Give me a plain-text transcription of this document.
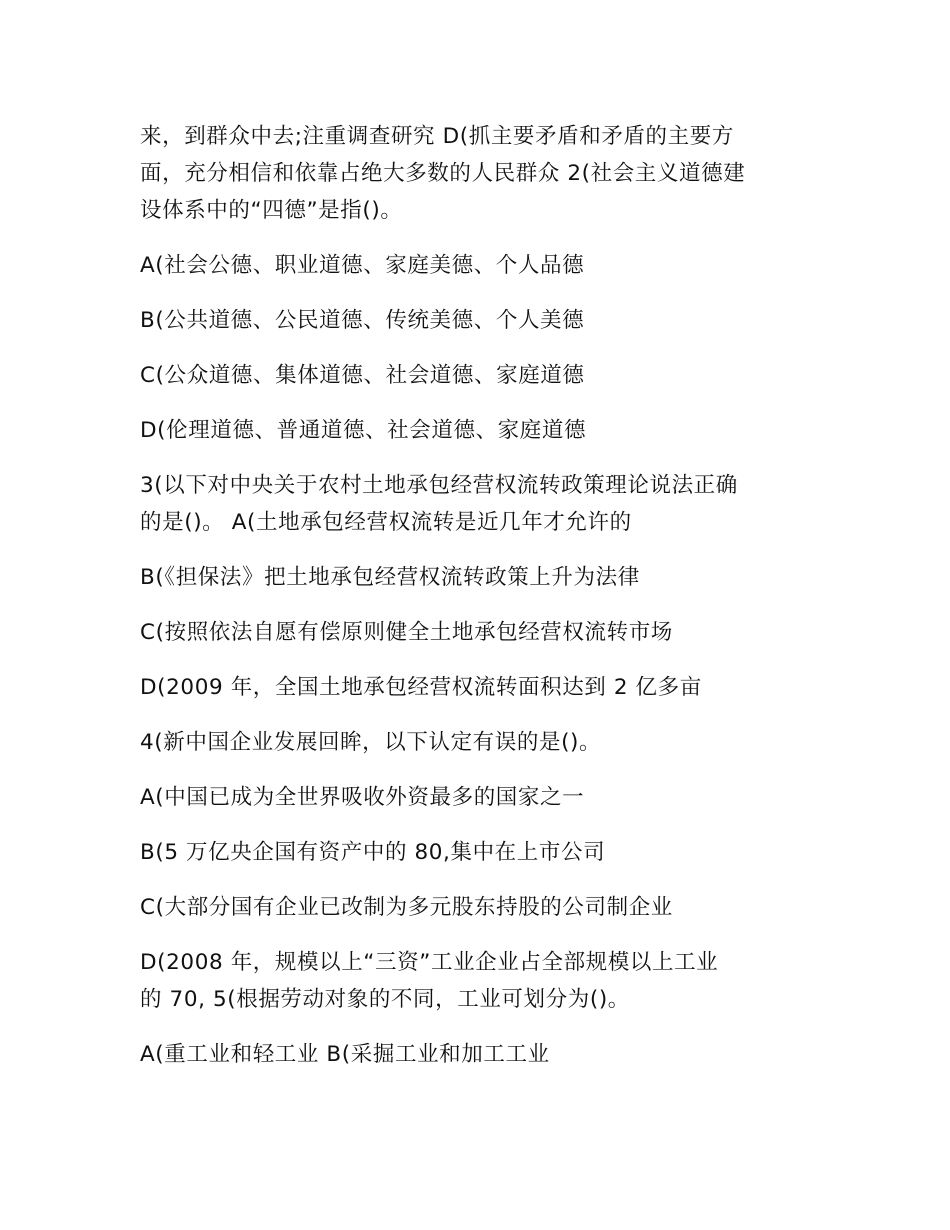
来，到群众中去;注重调查研究 D(抓主要矛盾和矛盾的主要方
面，充分相信和依靠占绝大多数的人民群众 2(社会主义道德建
设体系中的“四德”是指()。

A(社会公德、职业道德、家庭美德、个人品德

B(公共道德、公民道德、传统美德、个人美德

C(公众道德、集体道德、社会道德、家庭道德

D(伦理道德、普通道德、社会道德、家庭道德

3(以下对中央关于农村土地承包经营权流转政策理论说法正确
的是()。 A(土地承包经营权流转是近几年才允许的

B(《担保法》把土地承包经营权流转政策上升为法律

C(按照依法自愿有偿原则健全土地承包经营权流转市场

D(2009 年，全国土地承包经营权流转面积达到 2 亿多亩

4(新中国企业发展回眸，以下认定有误的是()。

A(中国已成为全世界吸收外资最多的国家之一

B(5 万亿央企国有资产中的 80,集中在上市公司

C(大部分国有企业已改制为多元股东持股的公司制企业

D(2008 年，规模以上“三资”工业企业占全部规模以上工业
的 70, 5(根据劳动对象的不同，工业可划分为()。

A(重工业和轻工业 B(采掘工业和加工工业
